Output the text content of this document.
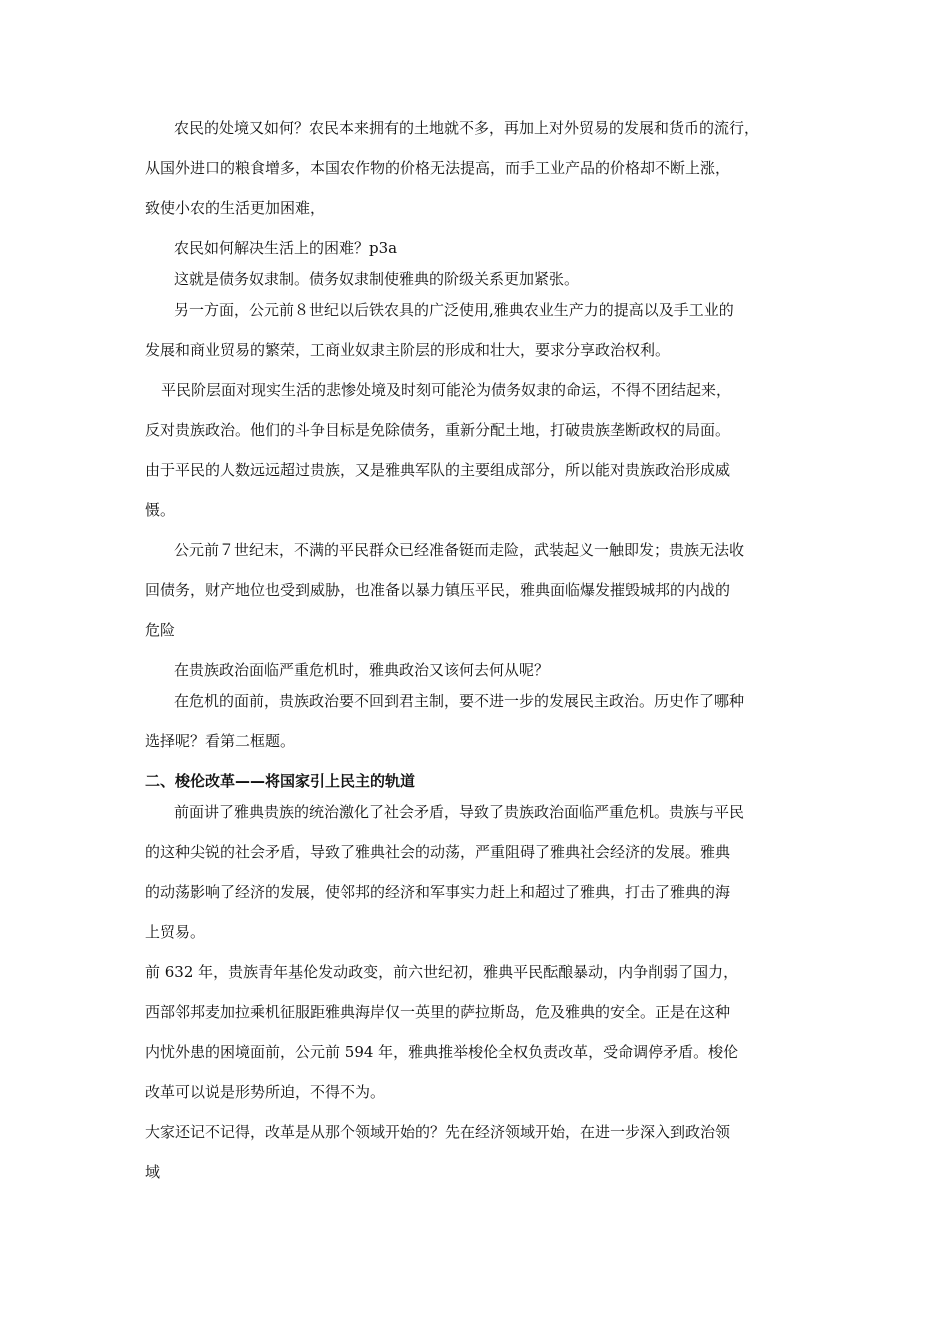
农民的处境又如何？农民本来拥有的土地就不多，再加上对外贸易的发展和货币的流行，
从国外进口的粮食增多，本国农作物的价格无法提高，而手工业产品的价格却不断上涨，
致使小农的生活更加困难，
农民如何解决生活上的困难？p3a
这就是债务奴隶制。债务奴隶制使雅典的阶级关系更加紧张。
另一方面，公元前８世纪以后铁农具的广泛使用,雅典农业生产力的提高以及手工业的
发展和商业贸易的繁荣，工商业奴隶主阶层的形成和壮大，要求分享政治权利。
平民阶层面对现实生活的悲惨处境及时刻可能沦为债务奴隶的命运，不得不团结起来，
反对贵族政治。他们的斗争目标是免除债务，重新分配土地，打破贵族垄断政权的局面。
由于平民的人数远远超过贵族，又是雅典军队的主要组成部分，所以能对贵族政治形成威
慑。
公元前７世纪末，不满的平民群众已经准备铤而走险，武装起义一触即发；贵族无法收
回债务，财产地位也受到威胁，也准备以暴力镇压平民，雅典面临爆发摧毁城邦的内战的
危险
在贵族政治面临严重危机时，雅典政治又该何去何从呢？
在危机的面前，贵族政治要不回到君主制，要不进一步的发展民主政治。历史作了哪种
选择呢？看第二框题。
二、梭伦改革——将国家引上民主的轨道
前面讲了雅典贵族的统治激化了社会矛盾，导致了贵族政治面临严重危机。贵族与平民
的这种尖锐的社会矛盾，导致了雅典社会的动荡，严重阻碍了雅典社会经济的发展。雅典
的动荡影响了经济的发展，使邻邦的经济和军事实力赶上和超过了雅典，打击了雅典的海
上贸易。
前 632 年，贵族青年基伦发动政变，前六世纪初，雅典平民酝酿暴动，内争削弱了国力，
西部邻邦麦加拉乘机征服距雅典海岸仅一英里的萨拉斯岛，危及雅典的安全。正是在这种
内忧外患的困境面前，公元前 594 年，雅典推举梭伦全权负责改革，受命调停矛盾。梭伦
改革可以说是形势所迫，不得不为。
大家还记不记得，改革是从那个领域开始的？先在经济领域开始，在进一步深入到政治领
域
